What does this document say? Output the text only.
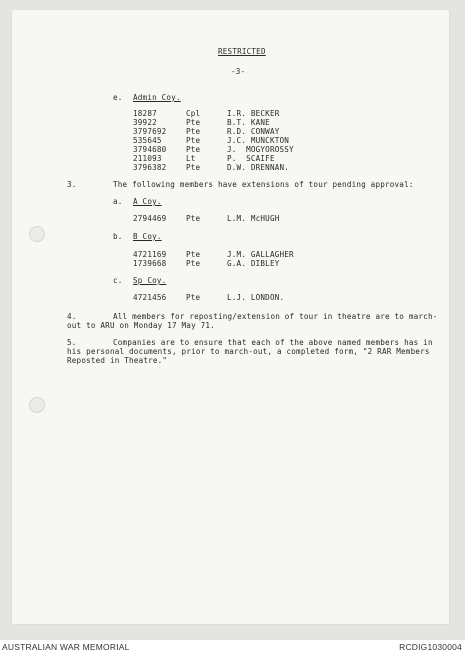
RESTRICTED
-3-
e. Admin Coy.
18287	Cpl	I.R. BECKER
39922	Pte	B.T. KANE
3797692	Pte	R.D. CONWAY
535645	Pte	J.C. MUNCKTON
3794680	Pte	J.  MOGYOROSSY
211093	Lt	P.  SCAIFE
3796382	Pte	D.W. DRENNAN.
3.	The following members have extensions of tour pending approval:
a. A Coy.
2794469	Pte	L.M. McHUGH
b. B Coy.
4721169	Pte	J.M. GALLAGHER
1739668	Pte	G.A. DIBLEY
c. Sp Coy.
4721456	Pte	L.J. LONDON.
4.	All members for reposting/extension of tour in theatre are to march-
out to ARU on Monday 17 May 71.
5.	Companies are to ensure that each of the above named members has in
his personal documents, prior to march-out, a completed form, "2 RAR Members
Reposted in Theatre."
AUSTRALIAN WAR MEMORIAL	RCDIG1030004
